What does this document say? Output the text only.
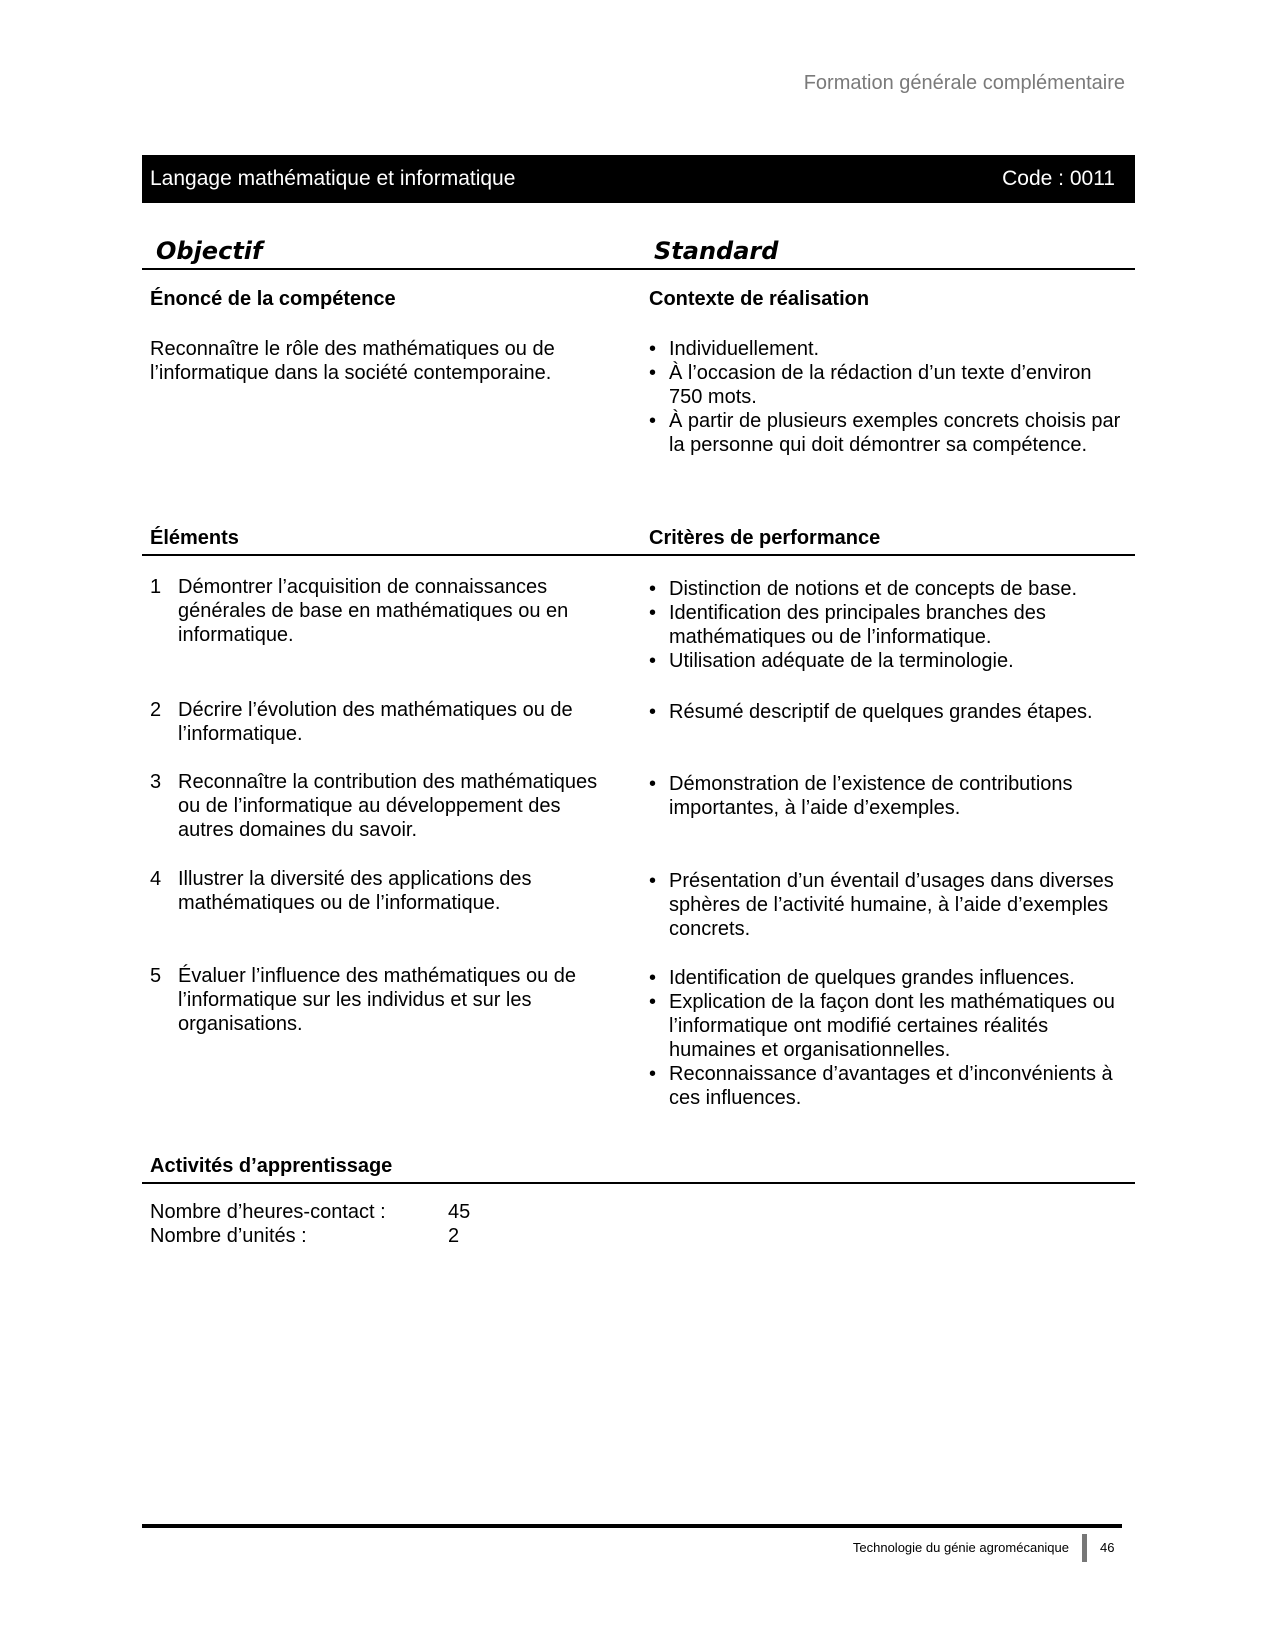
Formation générale complémentaire
Langage mathématique et informatique	Code : 0011
Objectif	Standard
Énoncé de la compétence	Contexte de réalisation
Reconnaître le rôle des mathématiques ou de l’informatique dans la société contemporaine.
• Individuellement.
• À l’occasion de la rédaction d’un texte d’environ 750 mots.
• À partir de plusieurs exemples concrets choisis par la personne qui doit démontrer sa compétence.
Éléments	Critères de performance
1 Démontrer l’acquisition de connaissances générales de base en mathématiques ou en informatique.
• Distinction de notions et de concepts de base.
• Identification des principales branches des mathématiques ou de l’informatique.
• Utilisation adéquate de la terminologie.
2 Décrire l’évolution des mathématiques ou de l’informatique.
• Résumé descriptif de quelques grandes étapes.
3 Reconnaître la contribution des mathématiques ou de l’informatique au développement des autres domaines du savoir.
• Démonstration de l’existence de contributions importantes, à l’aide d’exemples.
4 Illustrer la diversité des applications des mathématiques ou de l’informatique.
• Présentation d’un éventail d’usages dans diverses sphères de l’activité humaine, à l’aide d’exemples concrets.
5 Évaluer l’influence des mathématiques ou de l’informatique sur les individus et sur les organisations.
• Identification de quelques grandes influences.
• Explication de la façon dont les mathématiques ou l’informatique ont modifié certaines réalités humaines et organisationnelles.
• Reconnaissance d’avantages et d’inconvénients à ces influences.
Activités d’apprentissage
Nombre d’heures-contact :	45
Nombre d’unités :	2
Technologie du génie agromécanique 46
